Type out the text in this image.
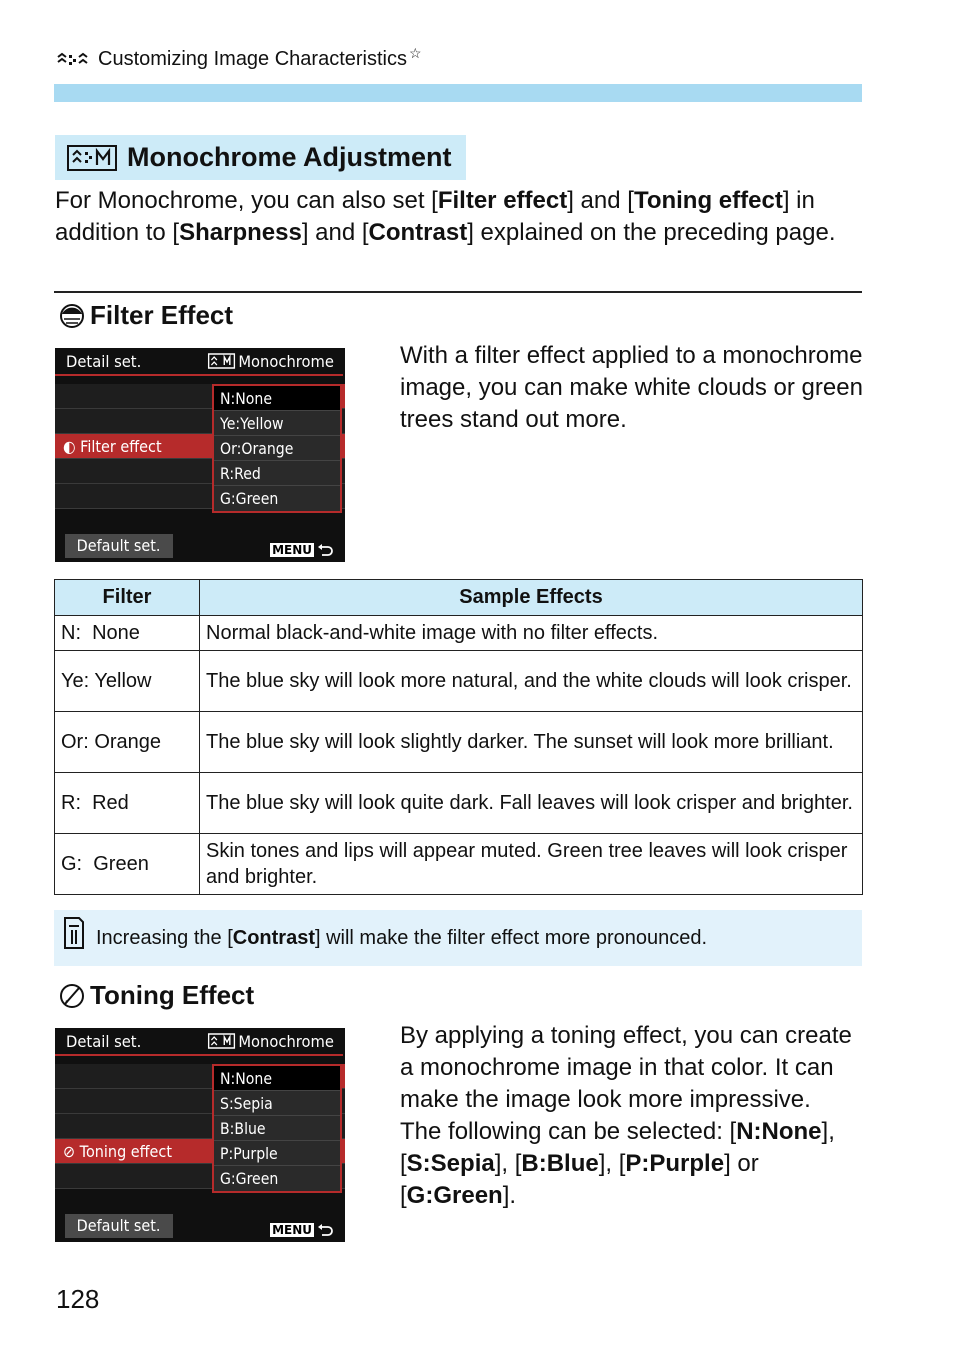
Customizing Image Characteristics ☆
Monochrome Adjustment
For Monochrome, you can also set [Filter effect] and [Toning effect] in addition to [Sharpness] and [Contrast] explained on the preceding page.
Filter Effect
Detail set.	Monochrome
◐ Filter effect
N:None
Ye:Yellow
Or:Orange
R:Red
G:Green
Default set.	MENU
With a filter effect applied to a monochrome image, you can make white clouds or green trees stand out more.
Filter	Sample Effects
N:  None	Normal black-and-white image with no filter effects.
Ye: Yellow	The blue sky will look more natural, and the white clouds will look crisper.
Or: Orange	The blue sky will look slightly darker. The sunset will look more brilliant.
R:  Red	The blue sky will look quite dark. Fall leaves will look crisper and brighter.
G:  Green	Skin tones and lips will appear muted. Green tree leaves will look crisper and brighter.
Increasing the [Contrast] will make the filter effect more pronounced.
Toning Effect
Detail set.	Monochrome
⊘ Toning effect
N:None
S:Sepia
B:Blue
P:Purple
G:Green
Default set.	MENU
By applying a toning effect, you can create a monochrome image in that color. It can make the image look more impressive.
The following can be selected: [N:None], [S:Sepia], [B:Blue], [P:Purple] or [G:Green].
128
